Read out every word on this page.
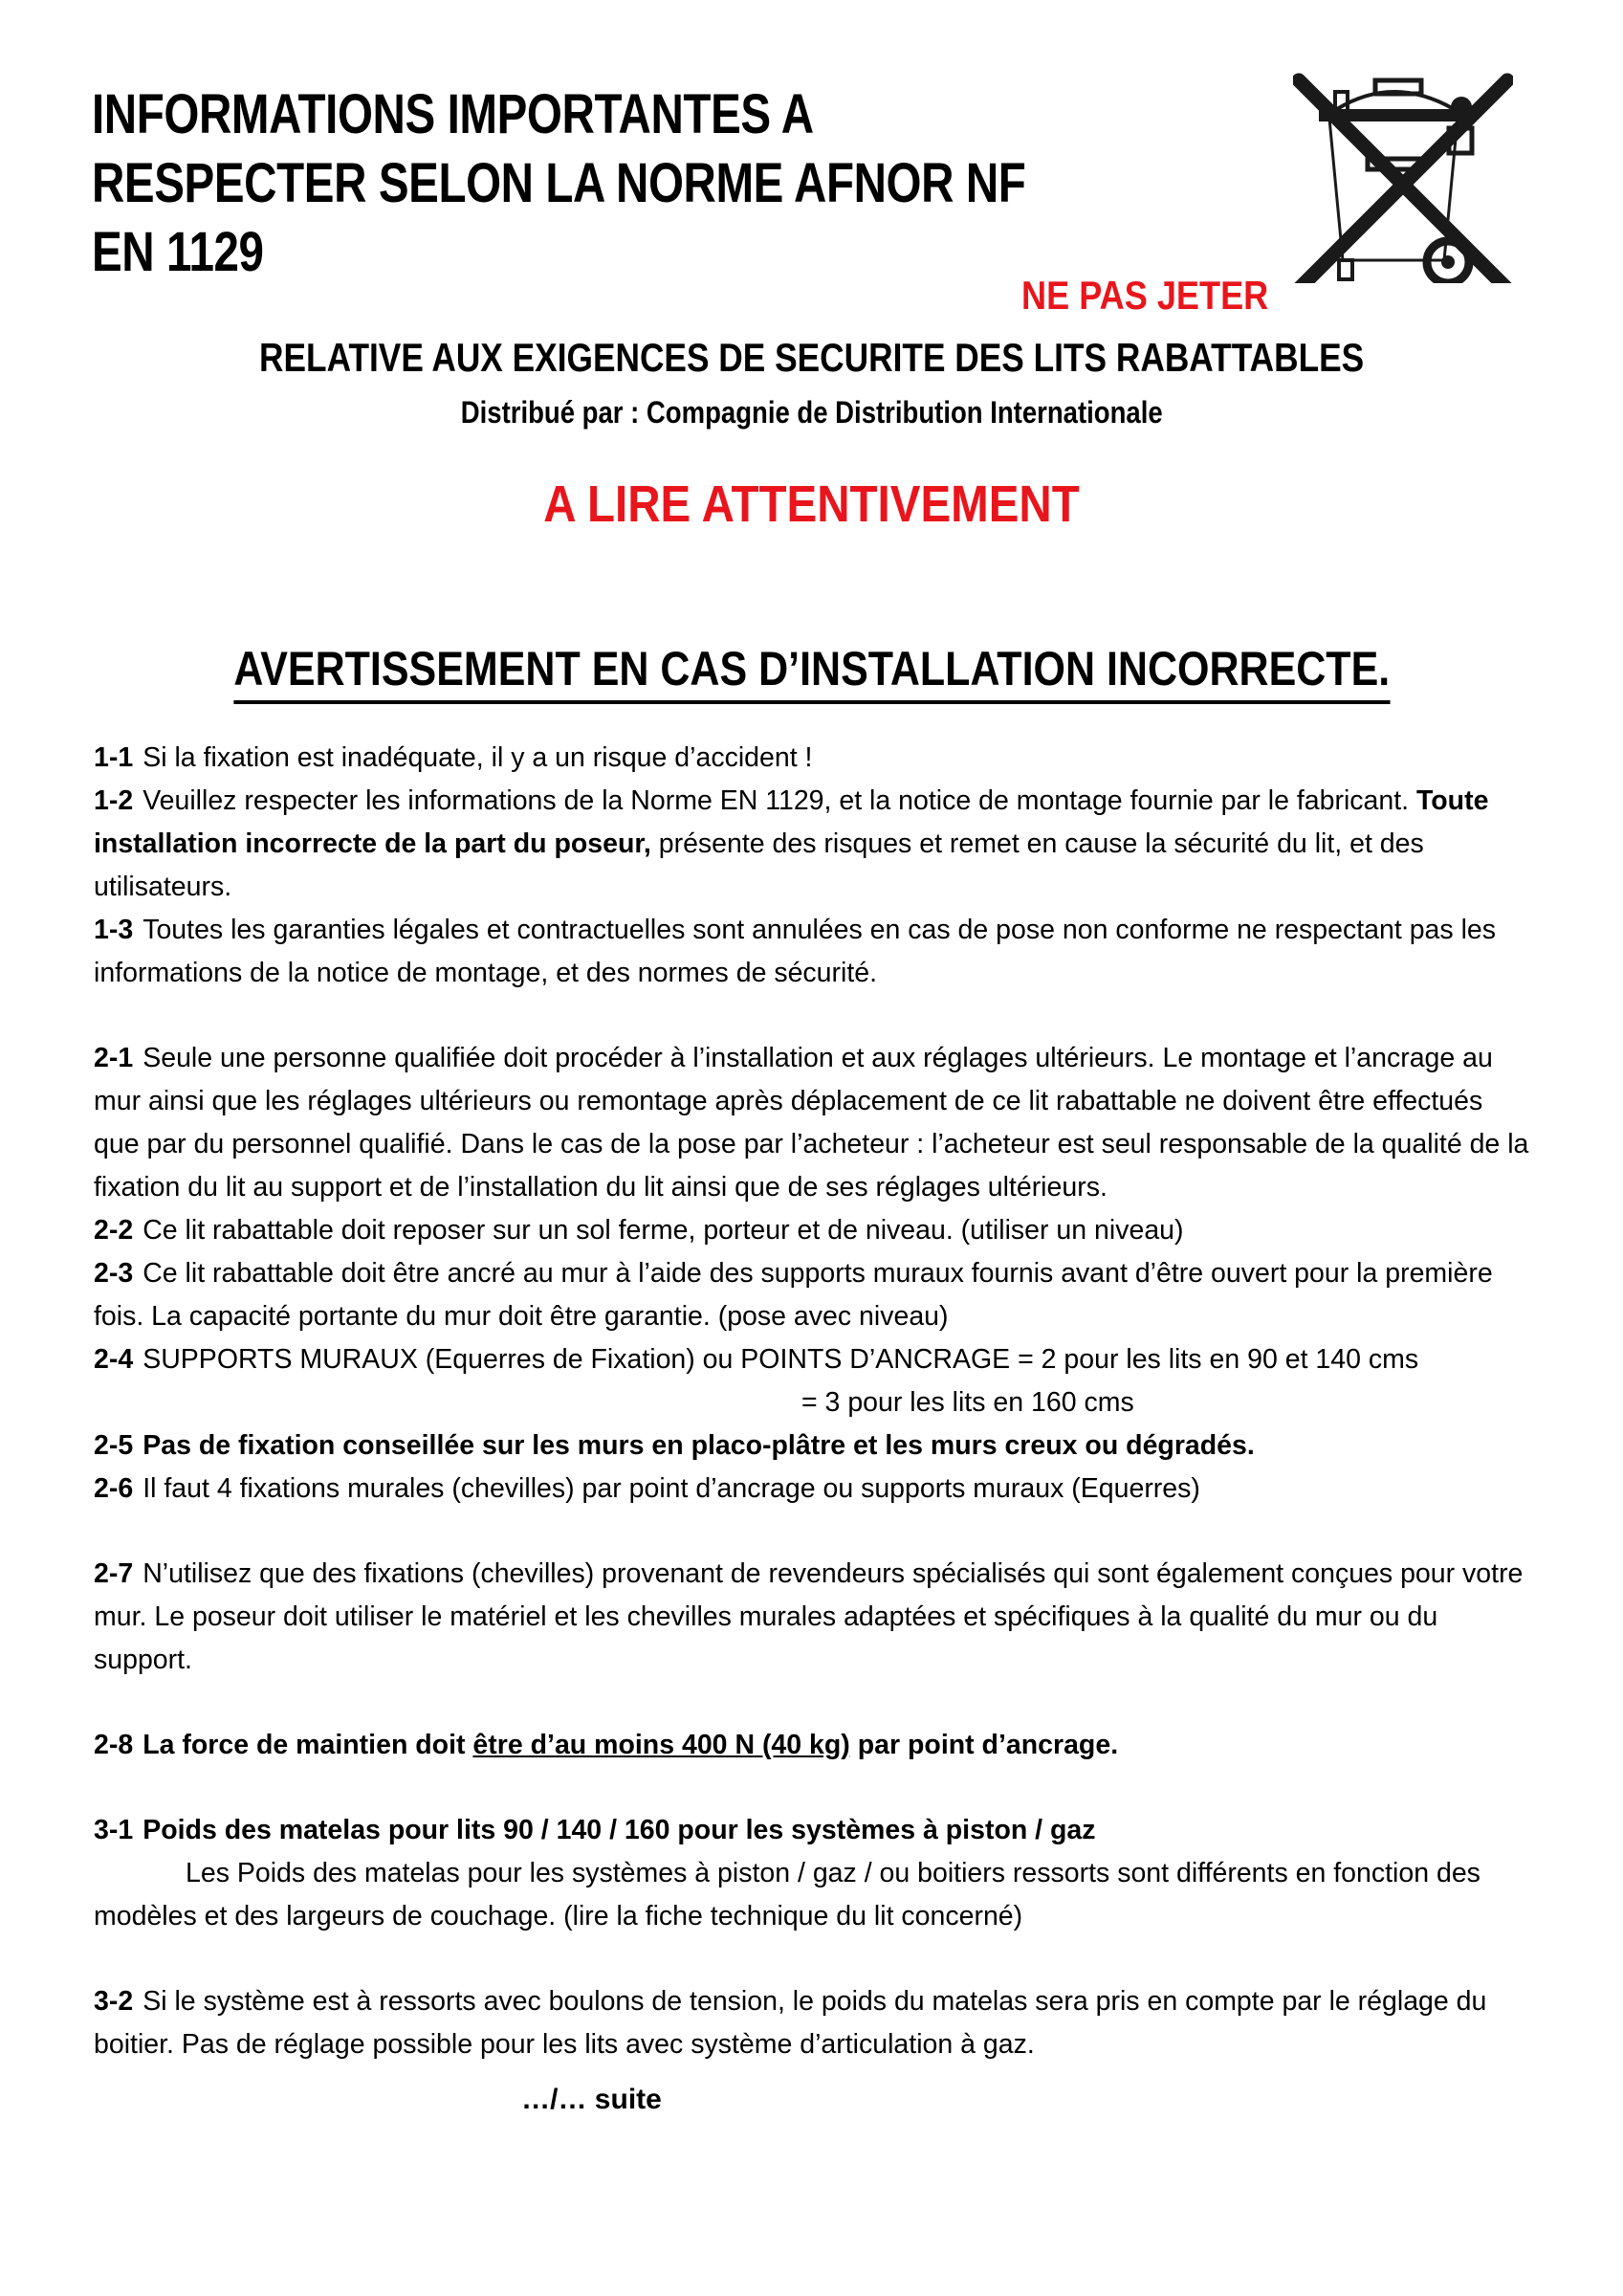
INFORMATIONS IMPORTANTES A
RESPECTER SELON LA NORME AFNOR NF
EN 1129
NE PAS JETER
RELATIVE AUX EXIGENCES DE SECURITE DES LITS RABATTABLES
Distribué par : Compagnie de Distribution Internationale
A LIRE ATTENTIVEMENT
AVERTISSEMENT EN CAS D’INSTALLATION INCORRECTE.

1-1 Si la fixation est inadéquate, il y a un risque d’accident !

1-2 Veuillez respecter les informations de la Norme EN 1129, et la notice de montage fournie par le fabricant. Toute installation incorrecte de la part du poseur, présente des risques et remet en cause la sécurité du lit, et des utilisateurs.

1-3 Toutes les garanties légales et contractuelles sont annulées en cas de pose non conforme ne respectant pas les informations de la notice de montage, et des normes de sécurité.

2-1 Seule une personne qualifiée doit procéder à l’installation et aux réglages ultérieurs. Le montage et l’ancrage au mur ainsi que les réglages ultérieurs ou remontage après déplacement de ce lit rabattable ne doivent être effectués que par du personnel qualifié. Dans le cas de la pose par l’acheteur : l’acheteur est seul responsable de la qualité de la fixation du lit au support et de l’installation du lit ainsi que de ses réglages ultérieurs.

2-2 Ce lit rabattable doit reposer sur un sol ferme, porteur et de niveau. (utiliser un niveau)

2-3 Ce lit rabattable doit être ancré au mur à l’aide des supports muraux fournis avant d’être ouvert pour la première fois. La capacité portante du mur doit être garantie. (pose avec niveau)

2-4 SUPPORTS MURAUX (Equerres de Fixation) ou POINTS D’ANCRAGE = 2 pour les lits en 90 et 140 cms
= 3 pour les lits en 160 cms

2-5 Pas de fixation conseillée sur les murs en placo-plâtre et les murs creux ou dégradés.

2-6 Il faut 4 fixations murales (chevilles) par point d’ancrage ou supports muraux (Equerres)

2-7 N’utilisez que des fixations (chevilles) provenant de revendeurs spécialisés qui sont également conçues pour votre mur. Le poseur doit utiliser le matériel et les chevilles murales adaptées et spécifiques à la qualité du mur ou du support.

2-8 La force de maintien doit être d’au moins 400 N (40 kg) par point d’ancrage.

3-1 Poids des matelas pour lits 90 / 140 / 160 pour les systèmes à piston / gaz

Les Poids des matelas pour les systèmes à piston / gaz / ou boitiers ressorts sont différents en fonction des modèles et des largeurs de couchage. (lire la fiche technique du lit concerné)

3-2 Si le système est à ressorts avec boulons de tension, le poids du matelas sera pris en compte par le réglage du boitier. Pas de réglage possible pour les lits avec système d’articulation à gaz.

…/… suite
